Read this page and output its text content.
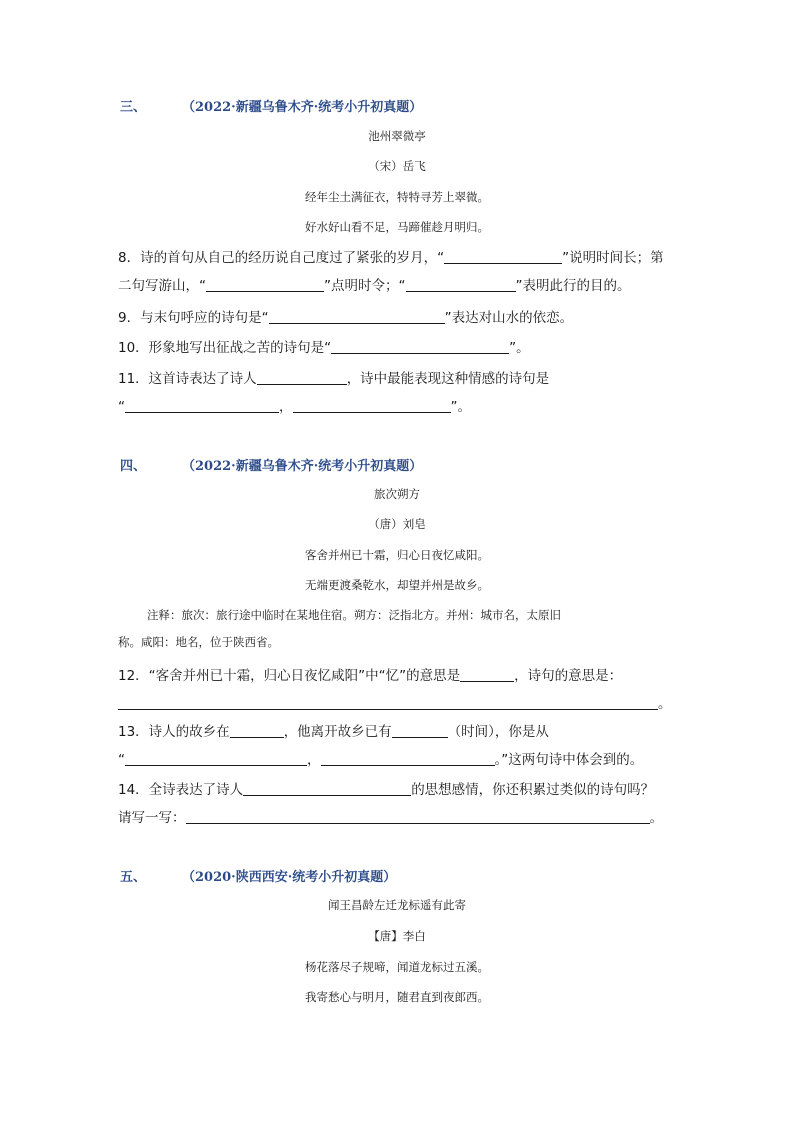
三、	（2022·新疆乌鲁木齐·统考小升初真题）
池州翠微亭
（宋）岳飞
经年尘土满征衣，特特寻芳上翠微。
好水好山看不足，马蹄催趁月明归。
8．诗的首句从自己的经历说自己度过了紧张的岁月，“	”说明时间长；第
二句写游山，“	”点明时令；“	”表明此行的目的。
9．与末句呼应的诗句是“	”表达对山水的依恋。
10．形象地写出征战之苦的诗句是“	”。
11．这首诗表达了诗人	，诗中最能表现这种情感的诗句是
“	，	”。
四、	（2022·新疆乌鲁木齐·统考小升初真题）
旅次朔方
（唐）刘皂
客舍并州已十霜，归心日夜忆咸阳。
无端更渡桑乾水，却望并州是故乡。
注释：旅次：旅行途中临时在某地住宿。朔方：泛指北方。并州：城市名，太原旧
称。咸阳：地名，位于陕西省。
12．“客舍并州已十霜，归心日夜忆咸阳”中“忆”的意思是	，诗句的意思是：
。
13．诗人的故乡在	，他离开故乡已有	（时间），你是从
“	，	。”这两句诗中体会到的。
14．全诗表达了诗人	的思想感情，你还积累过类似的诗句吗？
请写一写：	。
五、	（2020·陕西西安·统考小升初真题）
闻王昌龄左迁龙标遥有此寄
【唐】李白
杨花落尽子规啼，闻道龙标过五溪。
我寄愁心与明月，随君直到夜郎西。
